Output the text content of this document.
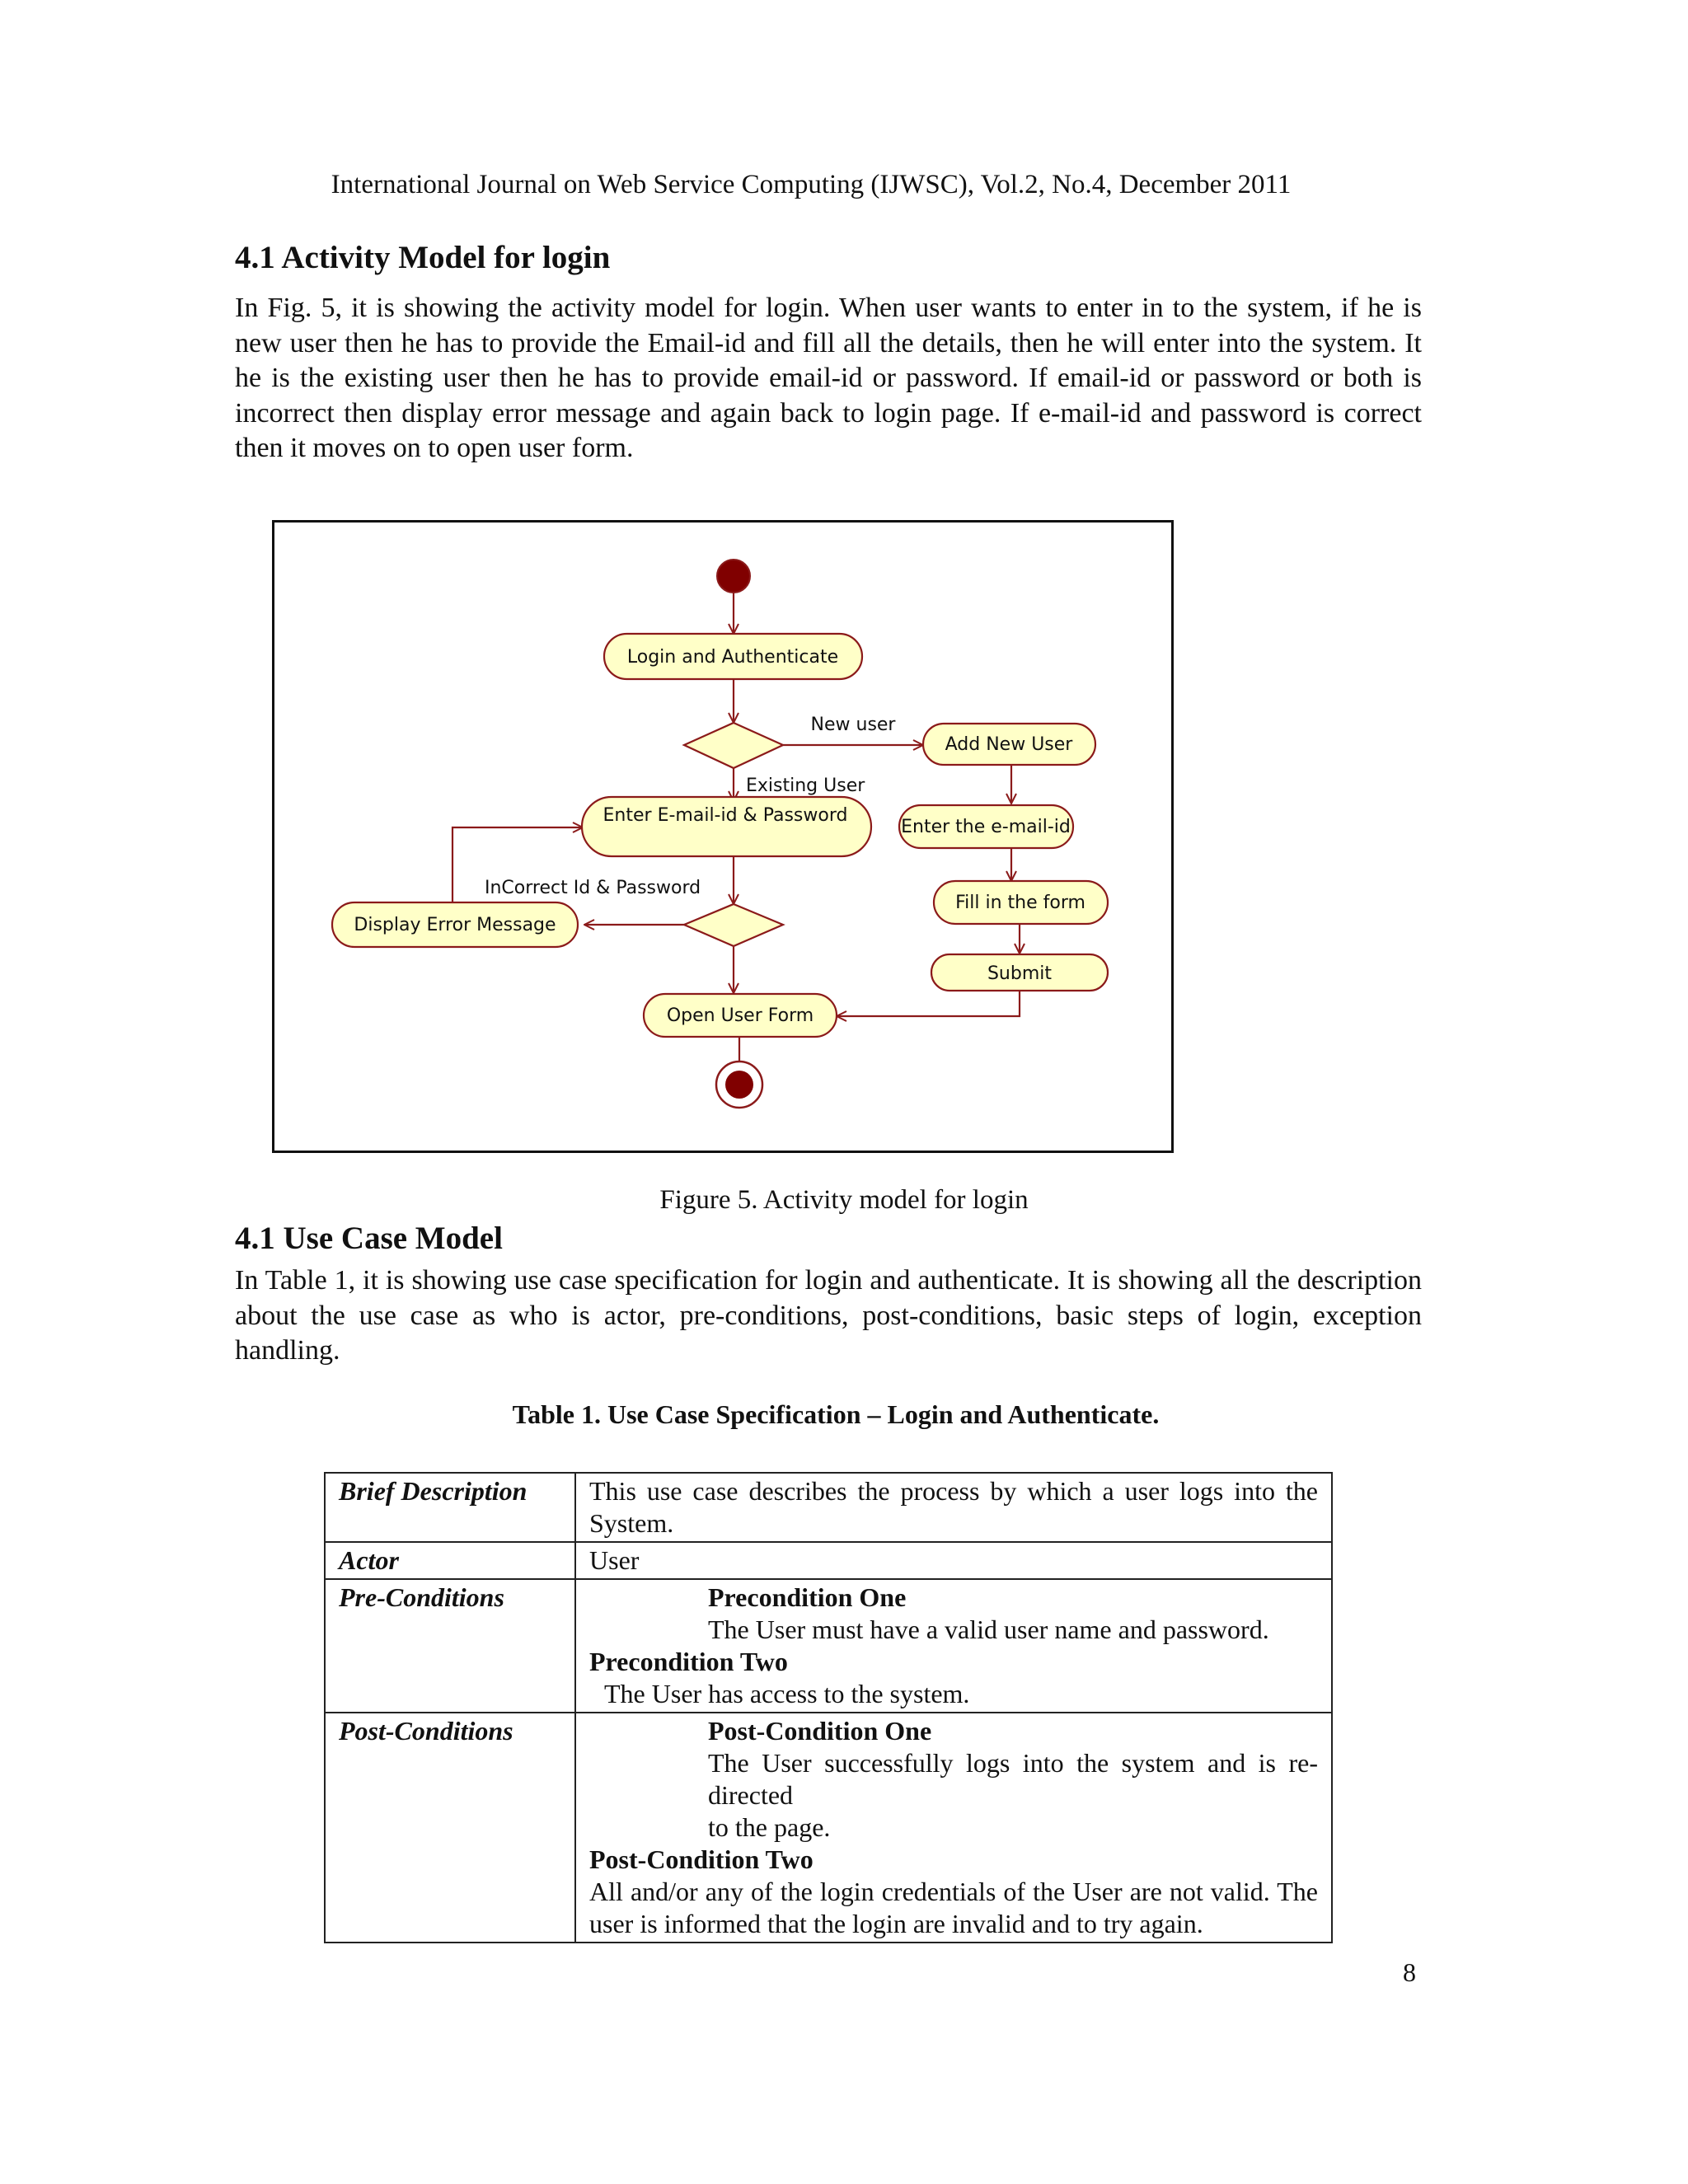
International Journal on Web Service Computing (IJWSC), Vol.2, No.4, December 2011
4.1 Activity Model for login

In Fig. 5, it is showing the activity model for login. When user wants to enter in to the system, if he is new user then he has to provide the Email-id and fill all the details, then he will enter into the system. It he is the existing user then he has to provide email-id or password. If email-id or password or both is incorrect then display error message and again back to login page. If e-mail-id and password is correct then it moves on to open user form.

Login and Authenticate
Add New User
Enter E-mail-id & Password
Enter the e-mail-id
Fill in the form
Submit
Display Error Message
Open User Form
New user
Existing User
InCorrect Id & Password
Figure 5. Activity model for login
4.1 Use Case Model

In Table 1, it is showing use case specification for login and authenticate. It is showing all the description about the use case as who is actor, pre-conditions, post-conditions, basic steps of login, exception handling.

Table 1. Use Case Specification – Login and Authenticate.
Brief Description	This use case describes the process by which a user logs into the System.
Actor	User
Pre-Conditions	Precondition One
The User must have a valid user name and password.
Precondition Two
The User has access to the system.

Post-Conditions	Post-Condition One
The User successfully logs into the system and is re-directed
to the page.
Post-Condition Two
All and/or any of the login credentials of the User are not valid. The user is informed that the login are invalid and to try again.
8
